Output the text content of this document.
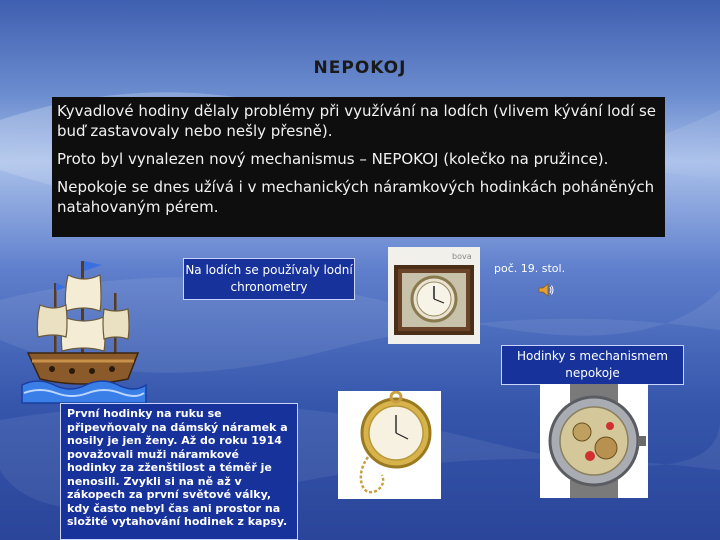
NEPOKOJ

Kyvadlové hodiny dělaly problémy při využívání na lodích (vlivem kývání lodí se buď zastavovaly nebo nešly přesně).

Proto byl vynalezen nový mechanismus – NEPOKOJ (kolečko na pružince).

Nepokoje se dnes užívá i v mechanických náramkových hodinkách poháněných natahovaným pérem.

Na lodích se používaly lodní chronometry
bova
poč. 19. stol.
Hodinky s mechanismem nepokoje
První hodinky na ruku se připevňovaly na dámský náramek a nosily je jen ženy. Až do roku 1914 považovali muži náramkové hodinky za zženštilost a téměř je nenosili. Zvykli si na ně až v zákopech za první světové války, kdy často nebyl čas ani prostor na složité vytahování hodinek z kapsy.
